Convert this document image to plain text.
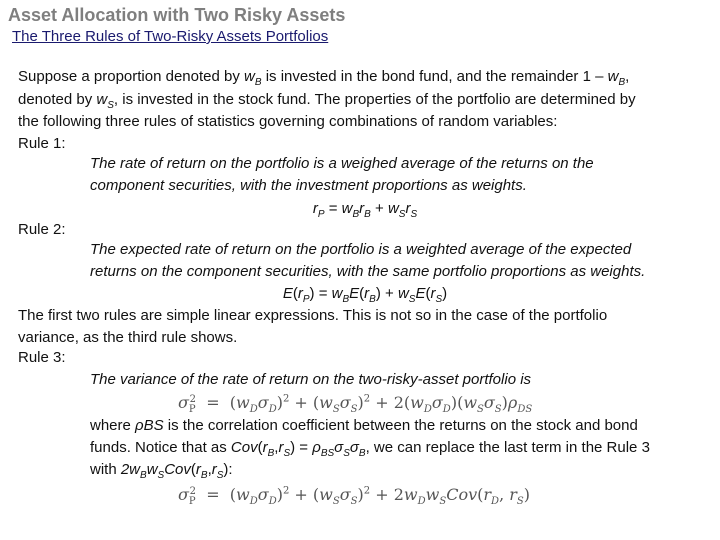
Asset Allocation with Two Risky Assets

The Three Rules of Two-Risky Assets Portfolios

Suppose a proportion denoted by $w_B$ is invested in the bond fund, and the remainder $1 - w_B$,

denoted by $w_S$, is invested in the stock fund. The properties of the portfolio are determined by

the following three rules of statistics governing combinations of random variables:

Rule 1:

The rate of return on the portfolio is a weighed average of the returns on the

component securities, with the investment proportions as weights.

$r_P = w_Br_B + w_Sr_S$

Rule 2:

The expected rate of return on the portfolio is a weighted average of the expected

returns on the component securities, with the same portfolio proportions as weights.

$E(r_P) = w_BE(r_B) + w_SE(r_S)$

The first two rules are simple linear expressions. This is not so in the case of the portfolio

variance, as the third rule shows.

Rule 3:

The variance of the rate of return on the two-risky-asset portfolio is

$\sigma_P^2 = (w_D\sigma_D)^2 + (w_S\sigma_S)^2 + 2(w_D\sigma_D)(w_S\sigma_S)\rho_{DS}$

where ρBS is the correlation coefficient between the returns on the stock and bond

funds. Notice that as $Cov(r_B,r_S) = \rho_{BS}\sigma_S\sigma_B$, we can replace the last term in the Rule 3

with $2w_Bw_SCov(r_B,r_S)$:

$\sigma_P^2 = (w_D\sigma_D)^2 + (w_S\sigma_S)^2 + 2w_Dw_SCov(r_D$, $r_S$)
